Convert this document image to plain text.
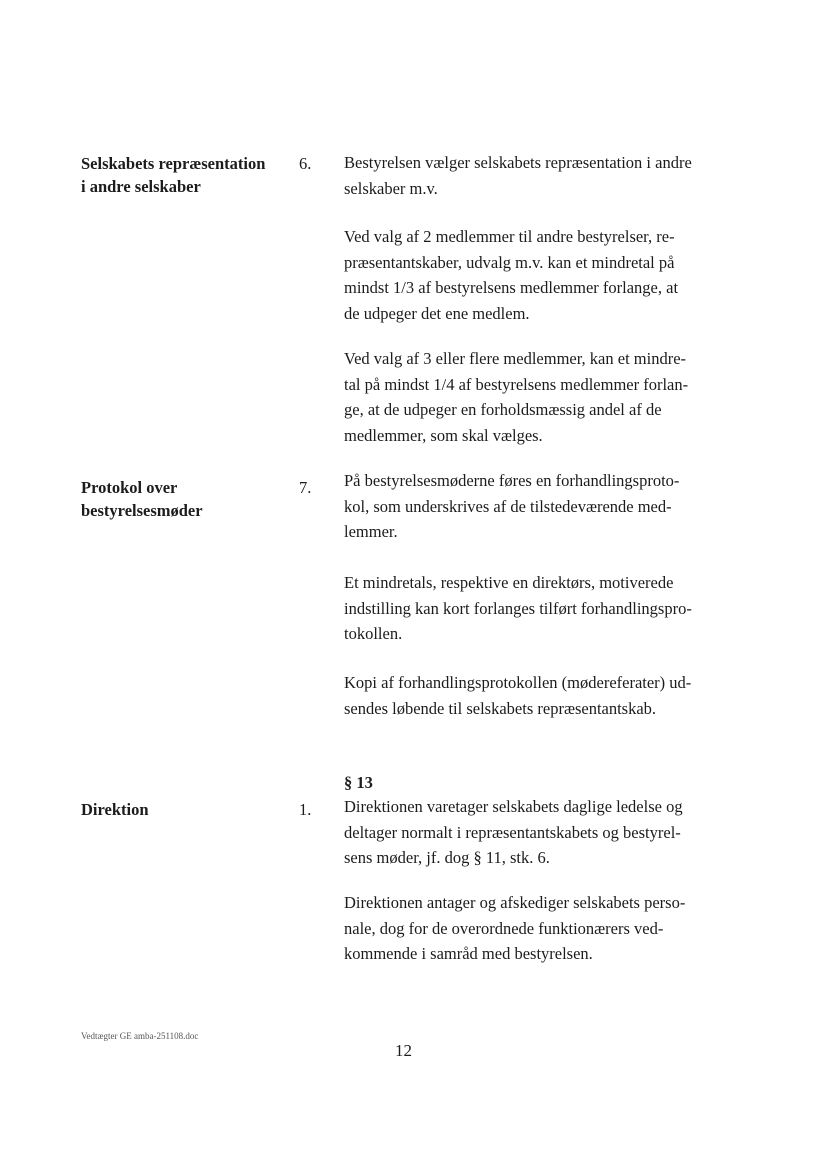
Selskabets repræsentation
i andre selskaber
6. Bestyrelsen vælger selskabets repræsentation i andre
selskaber m.v.
Ved valg af 2 medlemmer til andre bestyrelser, re-
præsentantskaber, udvalg m.v. kan et mindretal på
mindst 1/3 af bestyrelsens medlemmer forlange, at
de udpeger det ene medlem.
Ved valg af 3 eller flere medlemmer, kan et mindre-
tal på mindst 1/4 af bestyrelsens medlemmer forlan-
ge, at de udpeger en forholdsmæssig andel af de
medlemmer, som skal vælges.
Protokol over
bestyrelsesmøder
7. På bestyrelsesmøderne føres en forhandlingsproto-
kol, som underskrives af de tilstedeværende med-
lemmer.
Et mindretals, respektive en direktørs, motiverede
indstilling kan kort forlanges tilført forhandlingspro-
tokollen.
Kopi af forhandlingsprotokollen (mødereferater) ud-
sendes løbende til selskabets repræsentantskab.
§ 13
Direktion	1. Direktionen varetager selskabets daglige ledelse og
deltager normalt i repræsentantskabets og bestyrel-
sens møder, jf. dog § 11, stk. 6.
Direktionen antager og afskediger selskabets perso-
nale, dog for de overordnede funktionærers ved-
kommende i samråd med bestyrelsen.
Vedtægter GE amba-251108.doc
12
